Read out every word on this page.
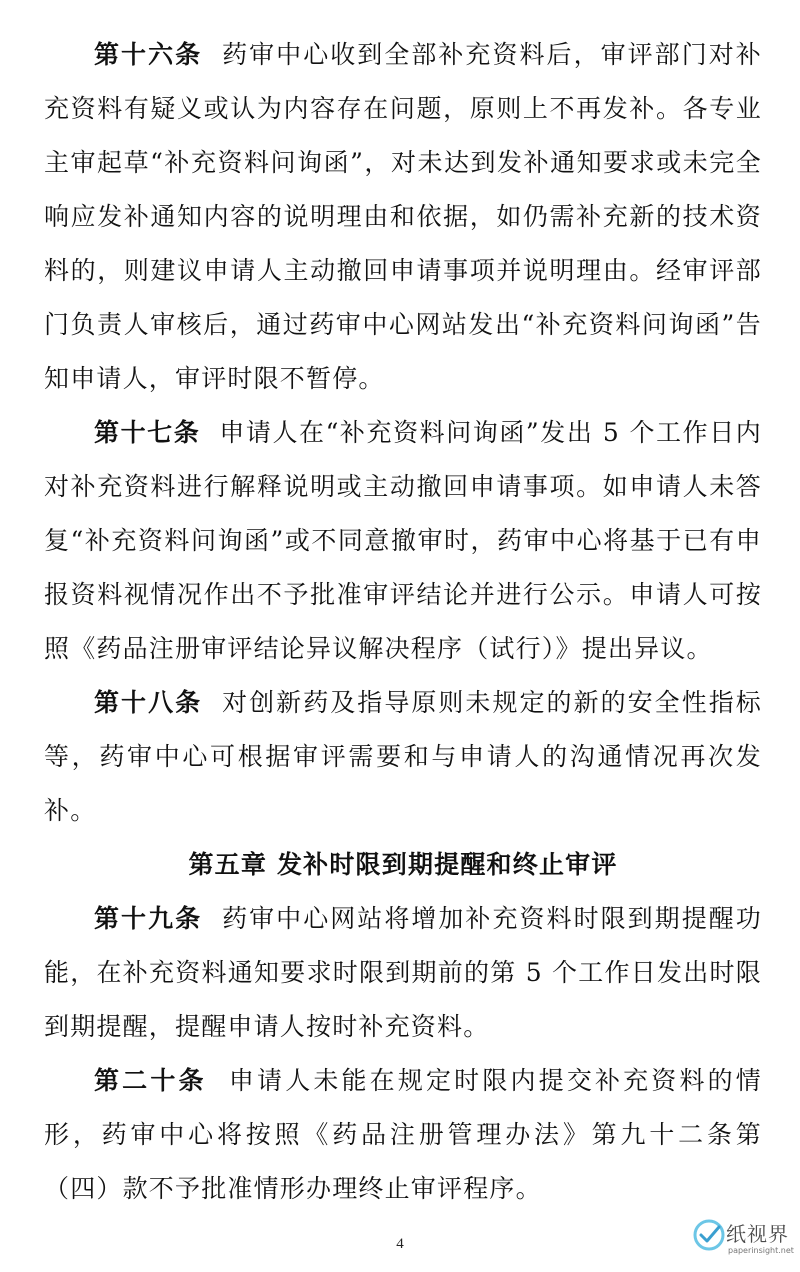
第十六条 药审中心收到全部补充资料后，审评部门对补充资料有疑义或认为内容存在问题，原则上不再发补。各专业主审起草“补充资料问询函”，对未达到发补通知要求或未完全响应发补通知内容的说明理由和依据，如仍需补充新的技术资料的，则建议申请人主动撤回申请事项并说明理由。经审评部门负责人审核后，通过药审中心网站发出“补充资料问询函”告知申请人，审评时限不暂停。

第十七条 申请人在“补充资料问询函”发出 5 个工作日内对补充资料进行解释说明或主动撤回申请事项。如申请人未答复“补充资料问询函”或不同意撤审时，药审中心将基于已有申报资料视情况作出不予批准审评结论并进行公示。申请人可按照《药品注册审评结论异议解决程序（试行）》提出异议。

第十八条 对创新药及指导原则未规定的新的安全性指标等，药审中心可根据审评需要和与申请人的沟通情况再次发补。

第五章 发补时限到期提醒和终止审评

第十九条 药审中心网站将增加补充资料时限到期提醒功能，在补充资料通知要求时限到期前的第 5 个工作日发出时限到期提醒，提醒申请人按时补充资料。

第二十条 申请人未能在规定时限内提交补充资料的情形，药审中心将按照《药品注册管理办法》第九十二条第（四）款不予批准情形办理终止审评程序。

4	纸视界
paperinsight.net
